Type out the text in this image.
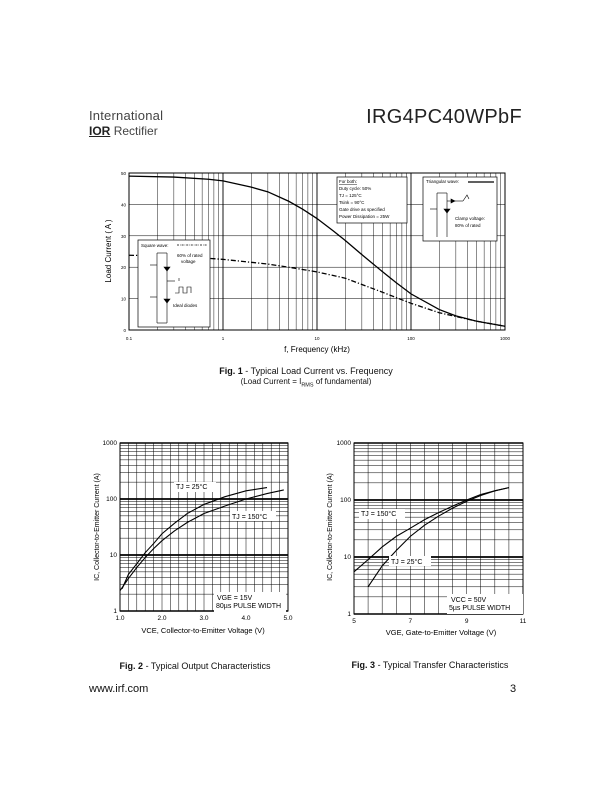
International
IOR Rectifier
IRG4PC40WPbF
0.1	1	10	100	1000
0
10
20
30
40
50
f, Frequency (kHz)
Load Current ( A )	Square wave:
60% of rated
voltage
Ideal diodes
For both:
Duty cycle: 50%
TJ = 125°C
Tsink = 90°C
Gate drive as specified
Power Dissipation = 25W
Triangular wave:
Clamp voltage:
80% of rated
Fig. 1 - Typical Load Current vs. Frequency
(Load Current = $I_{RMS}$ of fundamental)
1.0	2.0	3.0	4.0	5.0
1
10
100
1000
VCE, Collector-to-Emitter Voltage (V)
IC, Collector-to-Emitter Current (A)	TJ = 25°C
TJ = 150°C
VGE = 15V
80µs PULSE WIDTH
Fig. 2 - Typical Output Characteristics
5	7	9	11
1
10
100
1000
VGE, Gate-to-Emitter Voltage (V)
IC, Collector-to-Emitter Current (A)	TJ = 150°C
TJ = 25°C
VCC = 50V
5µs PULSE WIDTH
Fig. 3 - Typical Transfer Characteristics
www.irf.com	3
